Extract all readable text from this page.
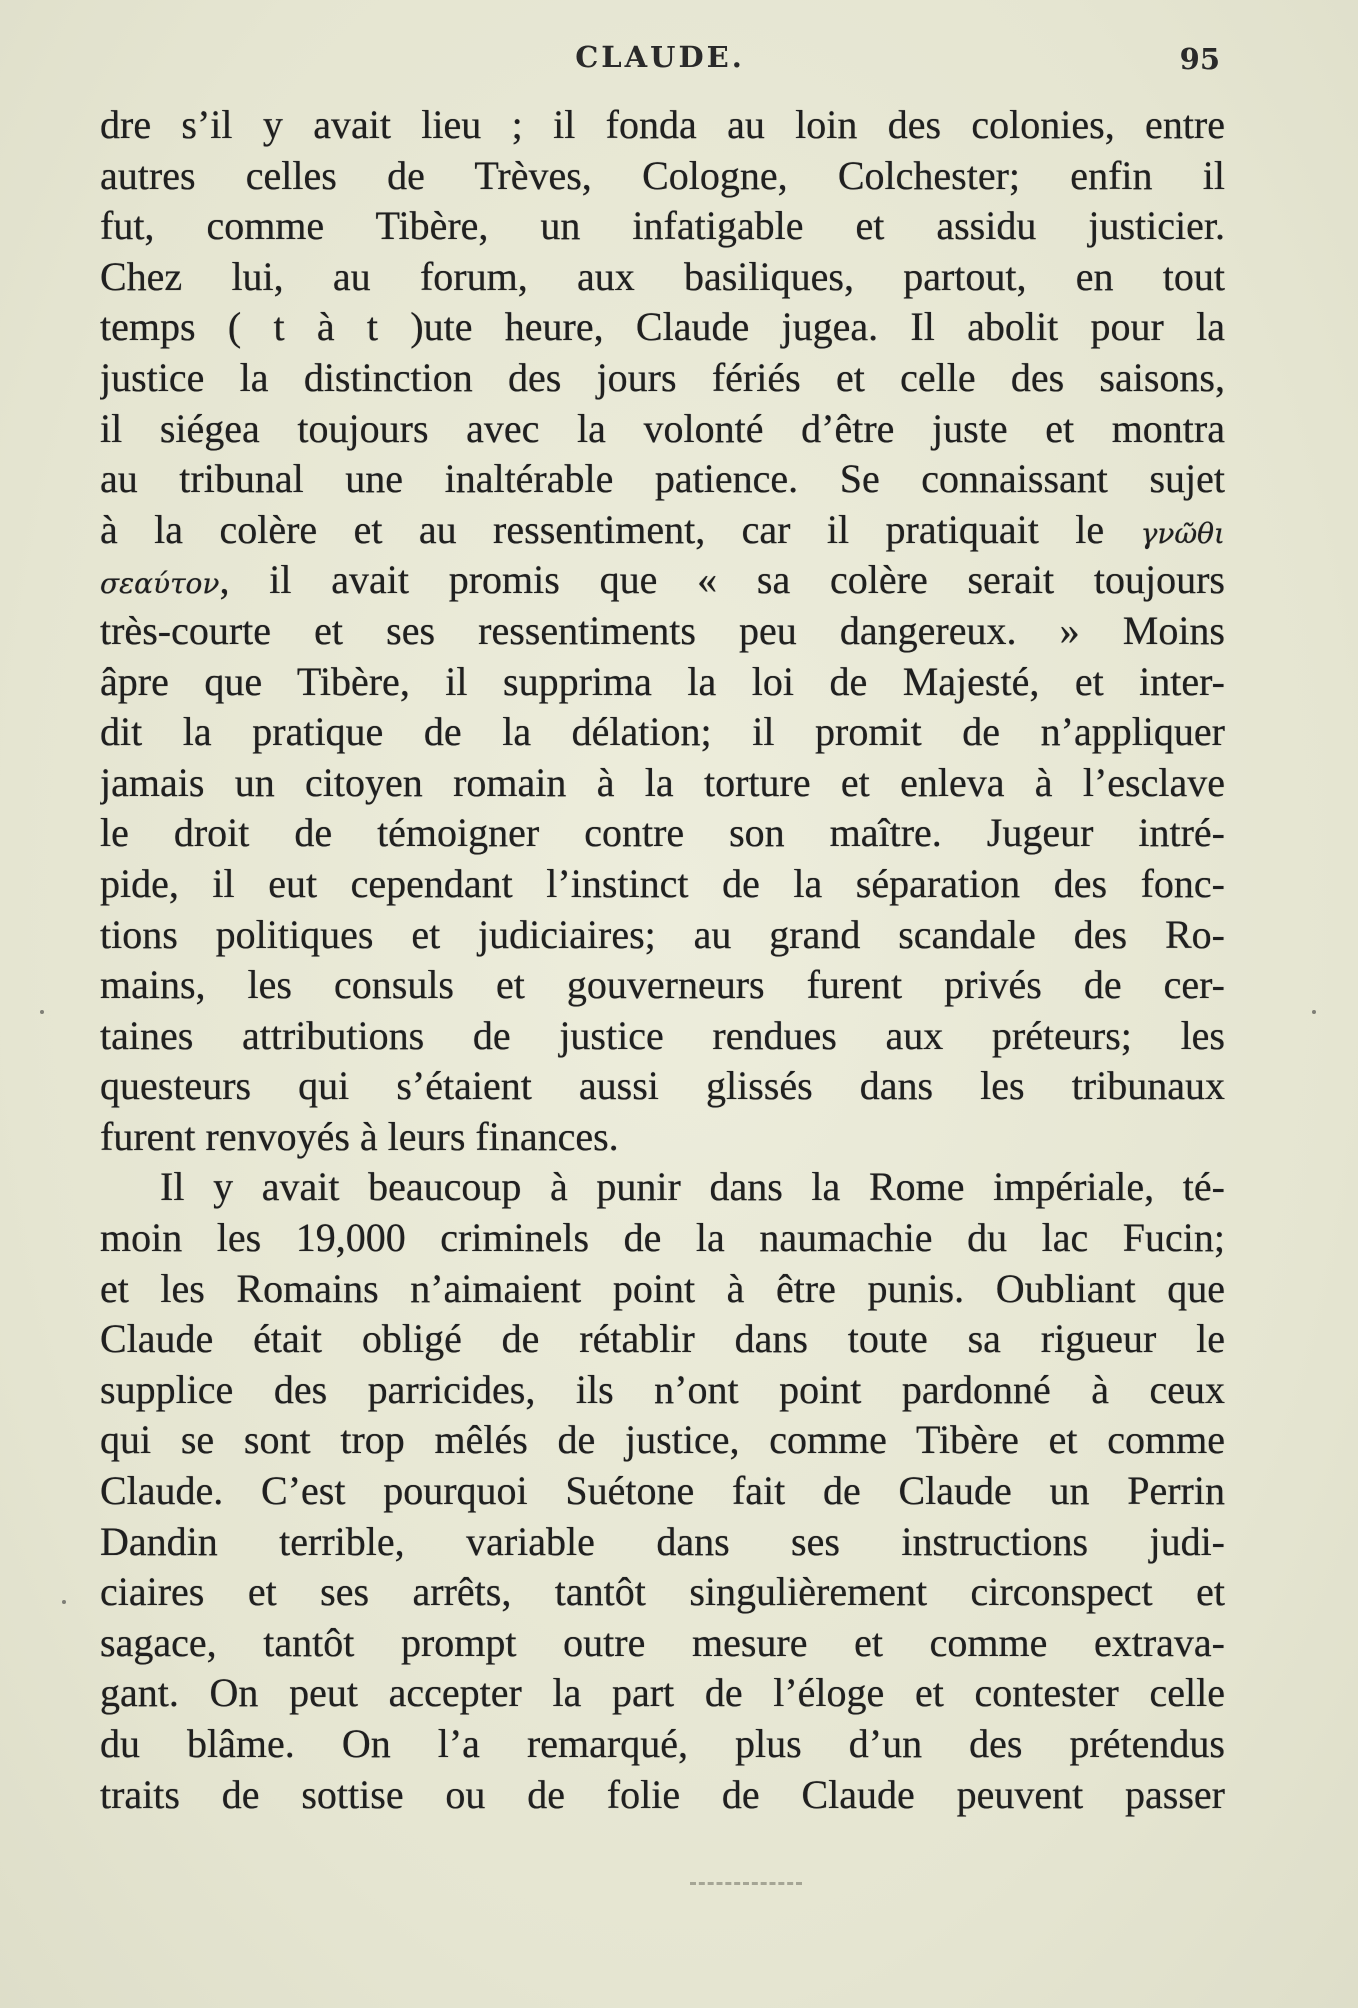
CLAUDE.	95
dre s’il y avait lieu ; il fonda au loin des colonies, entre
autres celles de Trèves, Cologne, Colchester; enfin il
fut, comme Tibère, un infatigable et assidu justicier.
Chez lui, au forum, aux basiliques, partout, en tout
temps ( t à t )ute heure, Claude jugea. Il abolit pour la
justice la distinction des jours fériés et celle des saisons,
il siégea toujours avec la volonté d’être juste et montra
au tribunal une inaltérable patience. Se connaissant sujet
à la colère et au ressentiment, car il pratiquait le γνῶθι
σεαύτον, il avait promis que « sa colère serait toujours
très-courte et ses ressentiments peu dangereux. » Moins
âpre que Tibère, il supprima la loi de Majesté, et inter-
dit la pratique de la délation; il promit de n’appliquer
jamais un citoyen romain à la torture et enleva à l’esclave
le droit de témoigner contre son maître. Jugeur intré-
pide, il eut cependant l’instinct de la séparation des fonc-
tions politiques et judiciaires; au grand scandale des Ro-
mains, les consuls et gouverneurs furent privés de cer-
taines attributions de justice rendues aux préteurs; les
questeurs qui s’étaient aussi glissés dans les tribunaux
furent renvoyés à leurs finances.
Il y avait beaucoup à punir dans la Rome impériale, té-
moin les 19,000 criminels de la naumachie du lac Fucin;
et les Romains n’aimaient point à être punis. Oubliant que
Claude était obligé de rétablir dans toute sa rigueur le
supplice des parricides, ils n’ont point pardonné à ceux
qui se sont trop mêlés de justice, comme Tibère et comme
Claude. C’est pourquoi Suétone fait de Claude un Perrin
Dandin terrible, variable dans ses instructions judi-
ciaires et ses arrêts, tantôt singulièrement circonspect et
sagace, tantôt prompt outre mesure et comme extrava-
gant. On peut accepter la part de l’éloge et contester celle
du blâme. On l’a remarqué, plus d’un des prétendus
traits de sottise ou de folie de Claude peuvent passer
